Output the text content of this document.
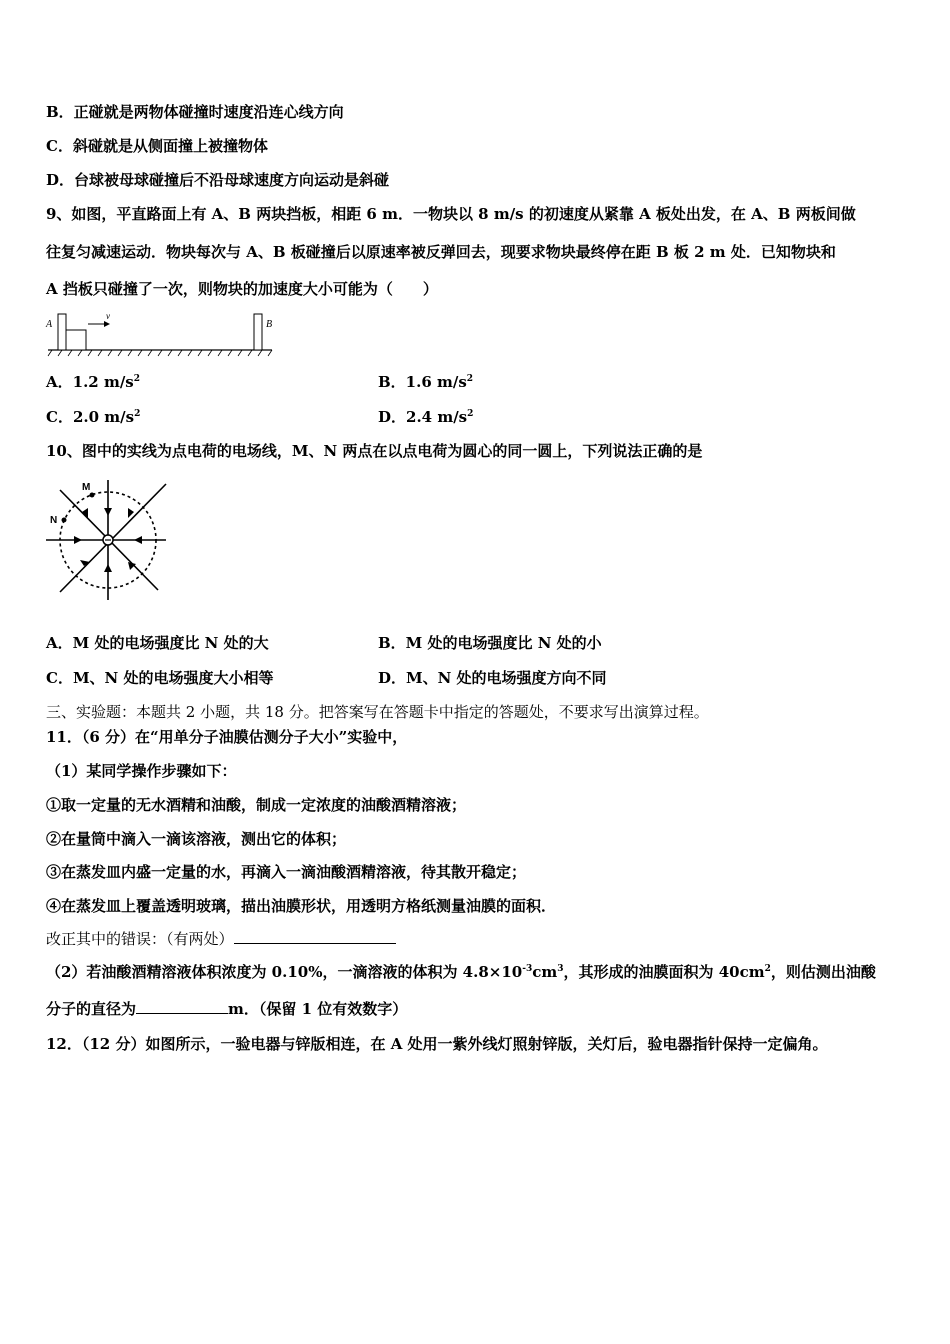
B．正碰就是两物体碰撞时速度沿连心线方向
C．斜碰就是从侧面撞上被撞物体
D．台球被母球碰撞后不沿母球速度方向运动是斜碰
9、如图，平直路面上有 A、B 两块挡板，相距 6 m．一物块以 8 m/s 的初速度从紧靠 A 板处出发，在 A、B 两板间做
往复匀减速运动．物块每次与 A、B 板碰撞后以原速率被反弹回去，现要求物块最终停在距 B 板 2 m 处．已知物块和
A 挡板只碰撞了一次，则物块的加速度大小可能为（　　）
A
v
B
A．1.2 $m/s^2$	B．1.6 $m/s^2$
C．2.0 $m/s^2$	D．2.4 $m/s^2$
10、图中的实线为点电荷的电场线，M、N 两点在以点电荷为圆心的同一圆上，下列说法正确的是
M
N
A．M 处的电场强度比 N 处的大	B．M 处的电场强度比 N 处的小
C．M、N 处的电场强度大小相等	D．M、N 处的电场强度方向不同
三、实验题：本题共 2 小题，共 18 分。把答案写在答题卡中指定的答题处，不要求写出演算过程。
11．（6 分）在“用单分子油膜估测分子大小”实验中，
（1）某同学操作步骤如下：
①取一定量的无水酒精和油酸，制成一定浓度的油酸酒精溶液；
②在量筒中滴入一滴该溶液，测出它的体积；
③在蒸发皿内盛一定量的水，再滴入一滴油酸酒精溶液，待其散开稳定；
④在蒸发皿上覆盖透明玻璃，描出油膜形状，用透明方格纸测量油膜的面积．
改正其中的错误：（有两处）
（2）若油酸酒精溶液体积浓度为 0.10%，一滴溶液的体积为 $4.8\times 10^{-3}cm^3$，其形成的油膜面积为 $40cm^2$，则估测出油酸
分子的直径为	m．（保留 1 位有效数字）
12．（12 分）如图所示，一验电器与锌版相连，在 A 处用一紫外线灯照射锌版，关灯后，验电器指针保持一定偏角。
